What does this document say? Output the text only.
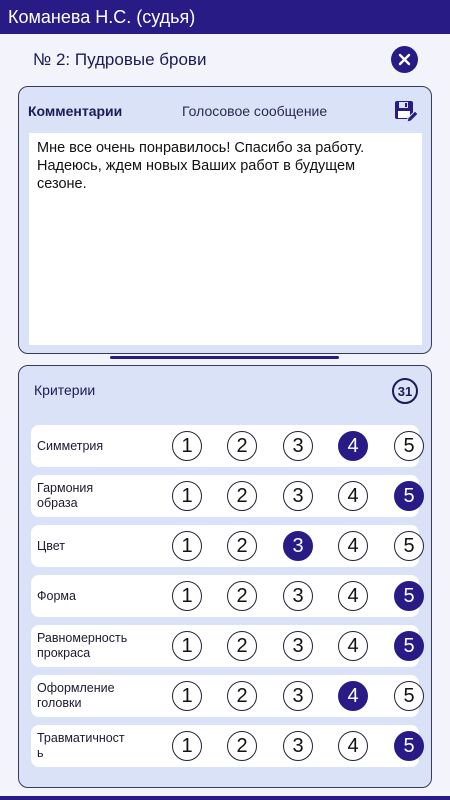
Команева Н.С. (судья)
№ 2: Пудровые брови
Комментарии	Голосовое сообщение
Мне все очень понравилось! Спасибо за работу.
Надеюсь, ждем новых Ваших работ в будущем
сезоне.
Критерии	31
Симметрия	1	2	3	4	5
Гармония
образа	1	2	3	4	5
Цвет	1	2	3	4	5
Форма	1	2	3	4	5
Равномерность
прокраса	1	2	3	4	5
Оформление
головки	1	2	3	4	5
Травматичност
ь	1	2	3	4	5
